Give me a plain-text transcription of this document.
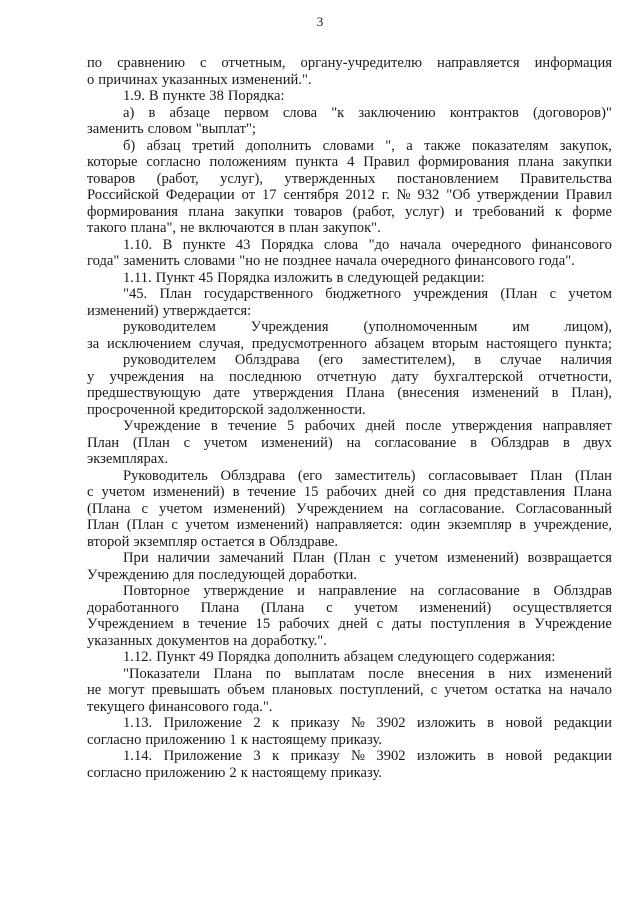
3
по сравнению с отчетным, органу-учредителю направляется информация
о причинах указанных изменений.".
1.9. В пункте 38 Порядка:
а) в абзаце первом слова "к заключению контрактов (договоров)"
заменить словом "выплат";
б) абзац третий дополнить словами ", а также показателям закупок,
которые согласно положениям пункта 4 Правил формирования плана закупки
товаров (работ, услуг), утвержденных постановлением Правительства
Российской Федерации от 17 сентября 2012 г. № 932 "Об утверждении Правил
формирования плана закупки товаров (работ, услуг) и требований к форме
такого плана", не включаются в план закупок".
1.10. В пункте 43 Порядка слова "до начала очередного финансового
года" заменить словами "но не позднее начала очередного финансового года".
1.11. Пункт 45 Порядка изложить в следующей редакции:
"45. План государственного бюджетного учреждения (План с учетом
изменений) утверждается:
руководителем Учреждения (уполномоченным им лицом),
за исключением случая, предусмотренного абзацем вторым настоящего пункта;
руководителем Облздрава (его заместителем), в случае наличия
у учреждения на последнюю отчетную дату бухгалтерской отчетности,
предшествующую дате утверждения Плана (внесения изменений в План),
просроченной кредиторской задолженности.
Учреждение в течение 5 рабочих дней после утверждения направляет
План (План с учетом изменений) на согласование в Облздрав в двух
экземплярах.
Руководитель Облздрава (его заместитель) согласовывает План (План
с учетом изменений) в течение 15 рабочих дней со дня представления Плана
(Плана с учетом изменений) Учреждением на согласование. Согласованный
План (План с учетом изменений) направляется: один экземпляр в учреждение,
второй экземпляр остается в Облздраве.
При наличии замечаний План (План с учетом изменений) возвращается
Учреждению для последующей доработки.
Повторное утверждение и направление на согласование в Облздрав
доработанного Плана (Плана с учетом изменений) осуществляется
Учреждением в течение 15 рабочих дней с даты поступления в Учреждение
указанных документов на доработку.".
1.12. Пункт 49 Порядка дополнить абзацем следующего содержания:
"Показатели Плана по выплатам после внесения в них изменений
не могут превышать объем плановых поступлений, с учетом остатка на начало
текущего финансового года.".
1.13. Приложение 2 к приказу № 3902 изложить в новой редакции
согласно приложению 1 к настоящему приказу.
1.14. Приложение 3 к приказу № 3902 изложить в новой редакции
согласно приложению 2 к настоящему приказу.
